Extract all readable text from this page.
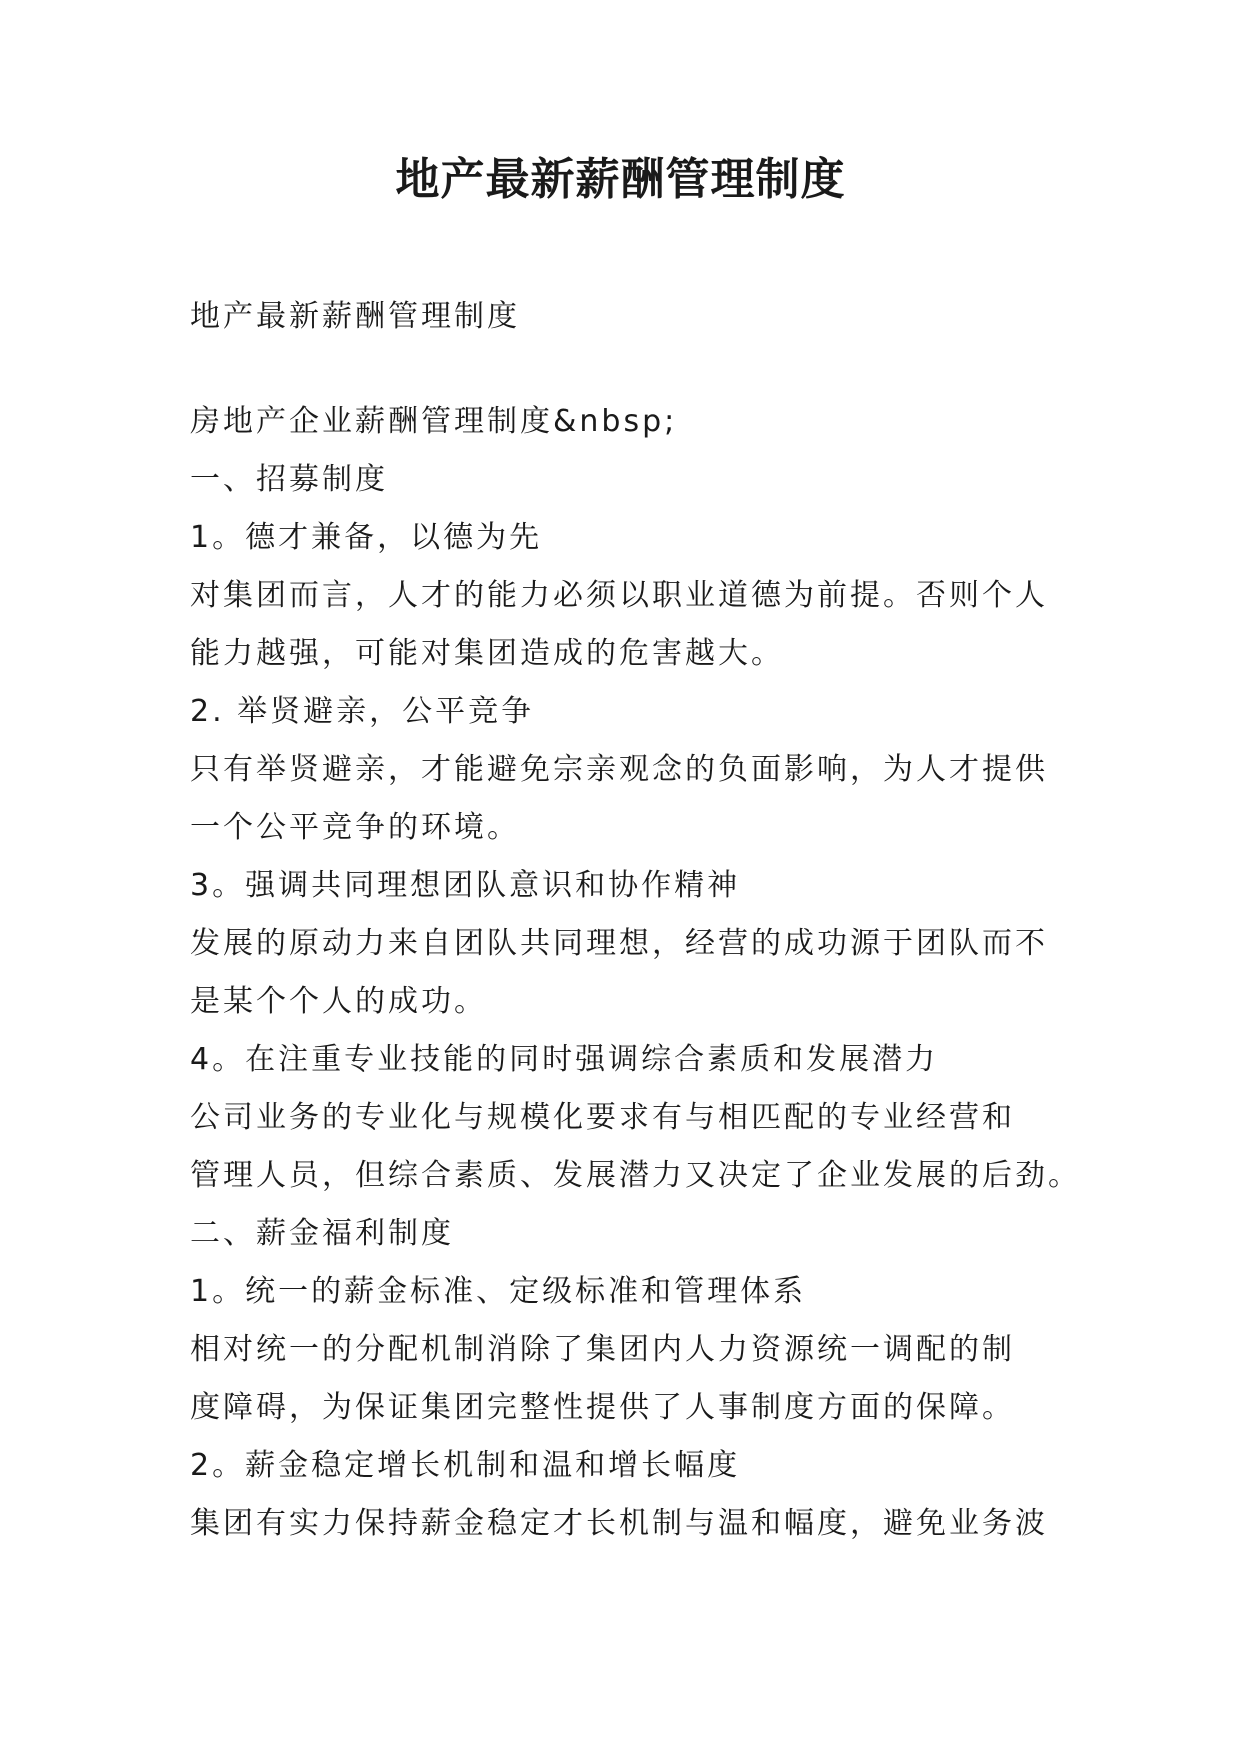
地产最新薪酬管理制度
地产最新薪酬管理制度
房地产企业薪酬管理制度&nbsp;
一、招募制度
1。德才兼备，以德为先
对集团而言，人才的能力必须以职业道德为前提。否则个人
能力越强，可能对集团造成的危害越大。
2. 举贤避亲，公平竞争
只有举贤避亲，才能避免宗亲观念的负面影响，为人才提供
一个公平竞争的环境。
3。强调共同理想团队意识和协作精神
发展的原动力来自团队共同理想，经营的成功源于团队而不
是某个个人的成功。
4。在注重专业技能的同时强调综合素质和发展潜力
公司业务的专业化与规模化要求有与相匹配的专业经营和
管理人员，但综合素质、发展潜力又决定了企业发展的后劲。
二、薪金福利制度
1。统一的薪金标准、定级标准和管理体系
相对统一的分配机制消除了集团内人力资源统一调配的制
度障碍，为保证集团完整性提供了人事制度方面的保障。
2。薪金稳定增长机制和温和增长幅度
集团有实力保持薪金稳定才长机制与温和幅度，避免业务波
